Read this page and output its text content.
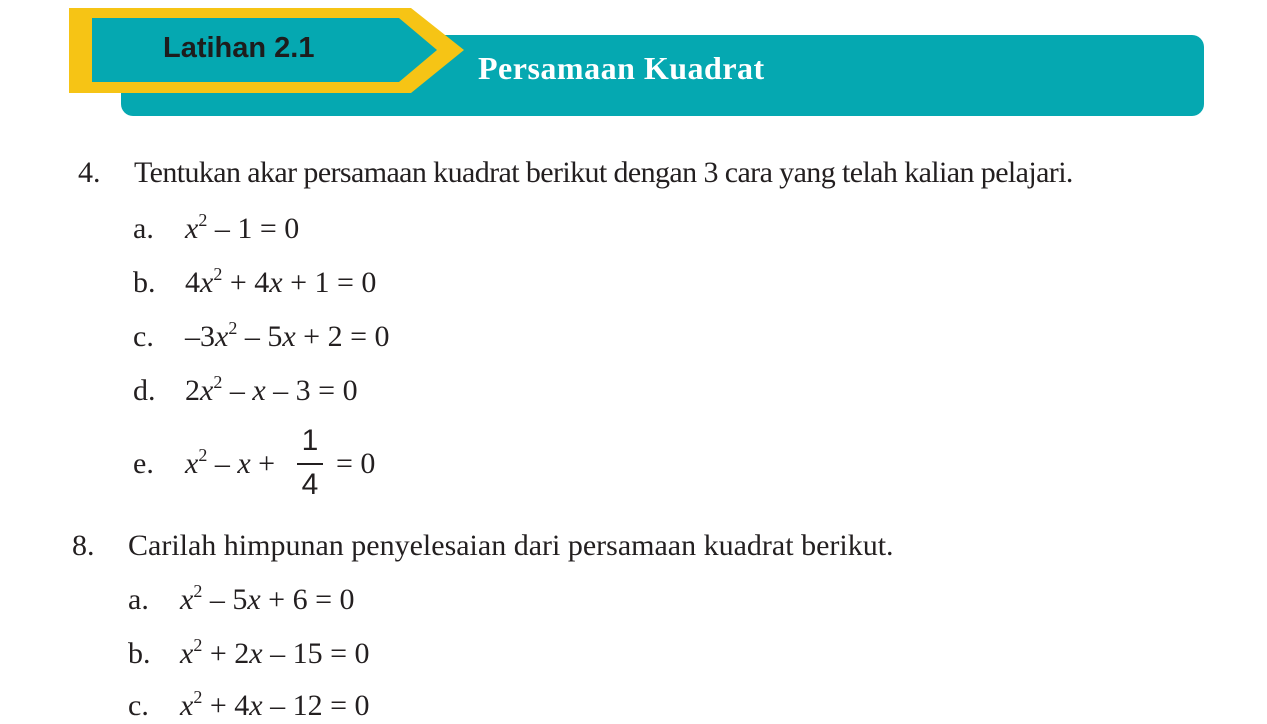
Persamaan Kuadrat
Latihan 2.1
4. Tentukan akar persamaan kuadrat berikut dengan 3 cara yang telah kalian pelajari.
a. $x^2 - 1 = 0$
b. $4x^2 + 4x + 1 = 0$
c. $-3x^2 - 5x + 2 = 0$
d. $2x^2 - x - 3 = 0$
e. $x^2$ – x + = 0
1
4
8. Carilah himpunan penyelesaian dari persamaan kuadrat berikut.
a. $x^2 - 5x + 6 = 0$
b. $x^2 + 2x - 15 = 0$
c. $x^2 + 4x - 12 = 0$
